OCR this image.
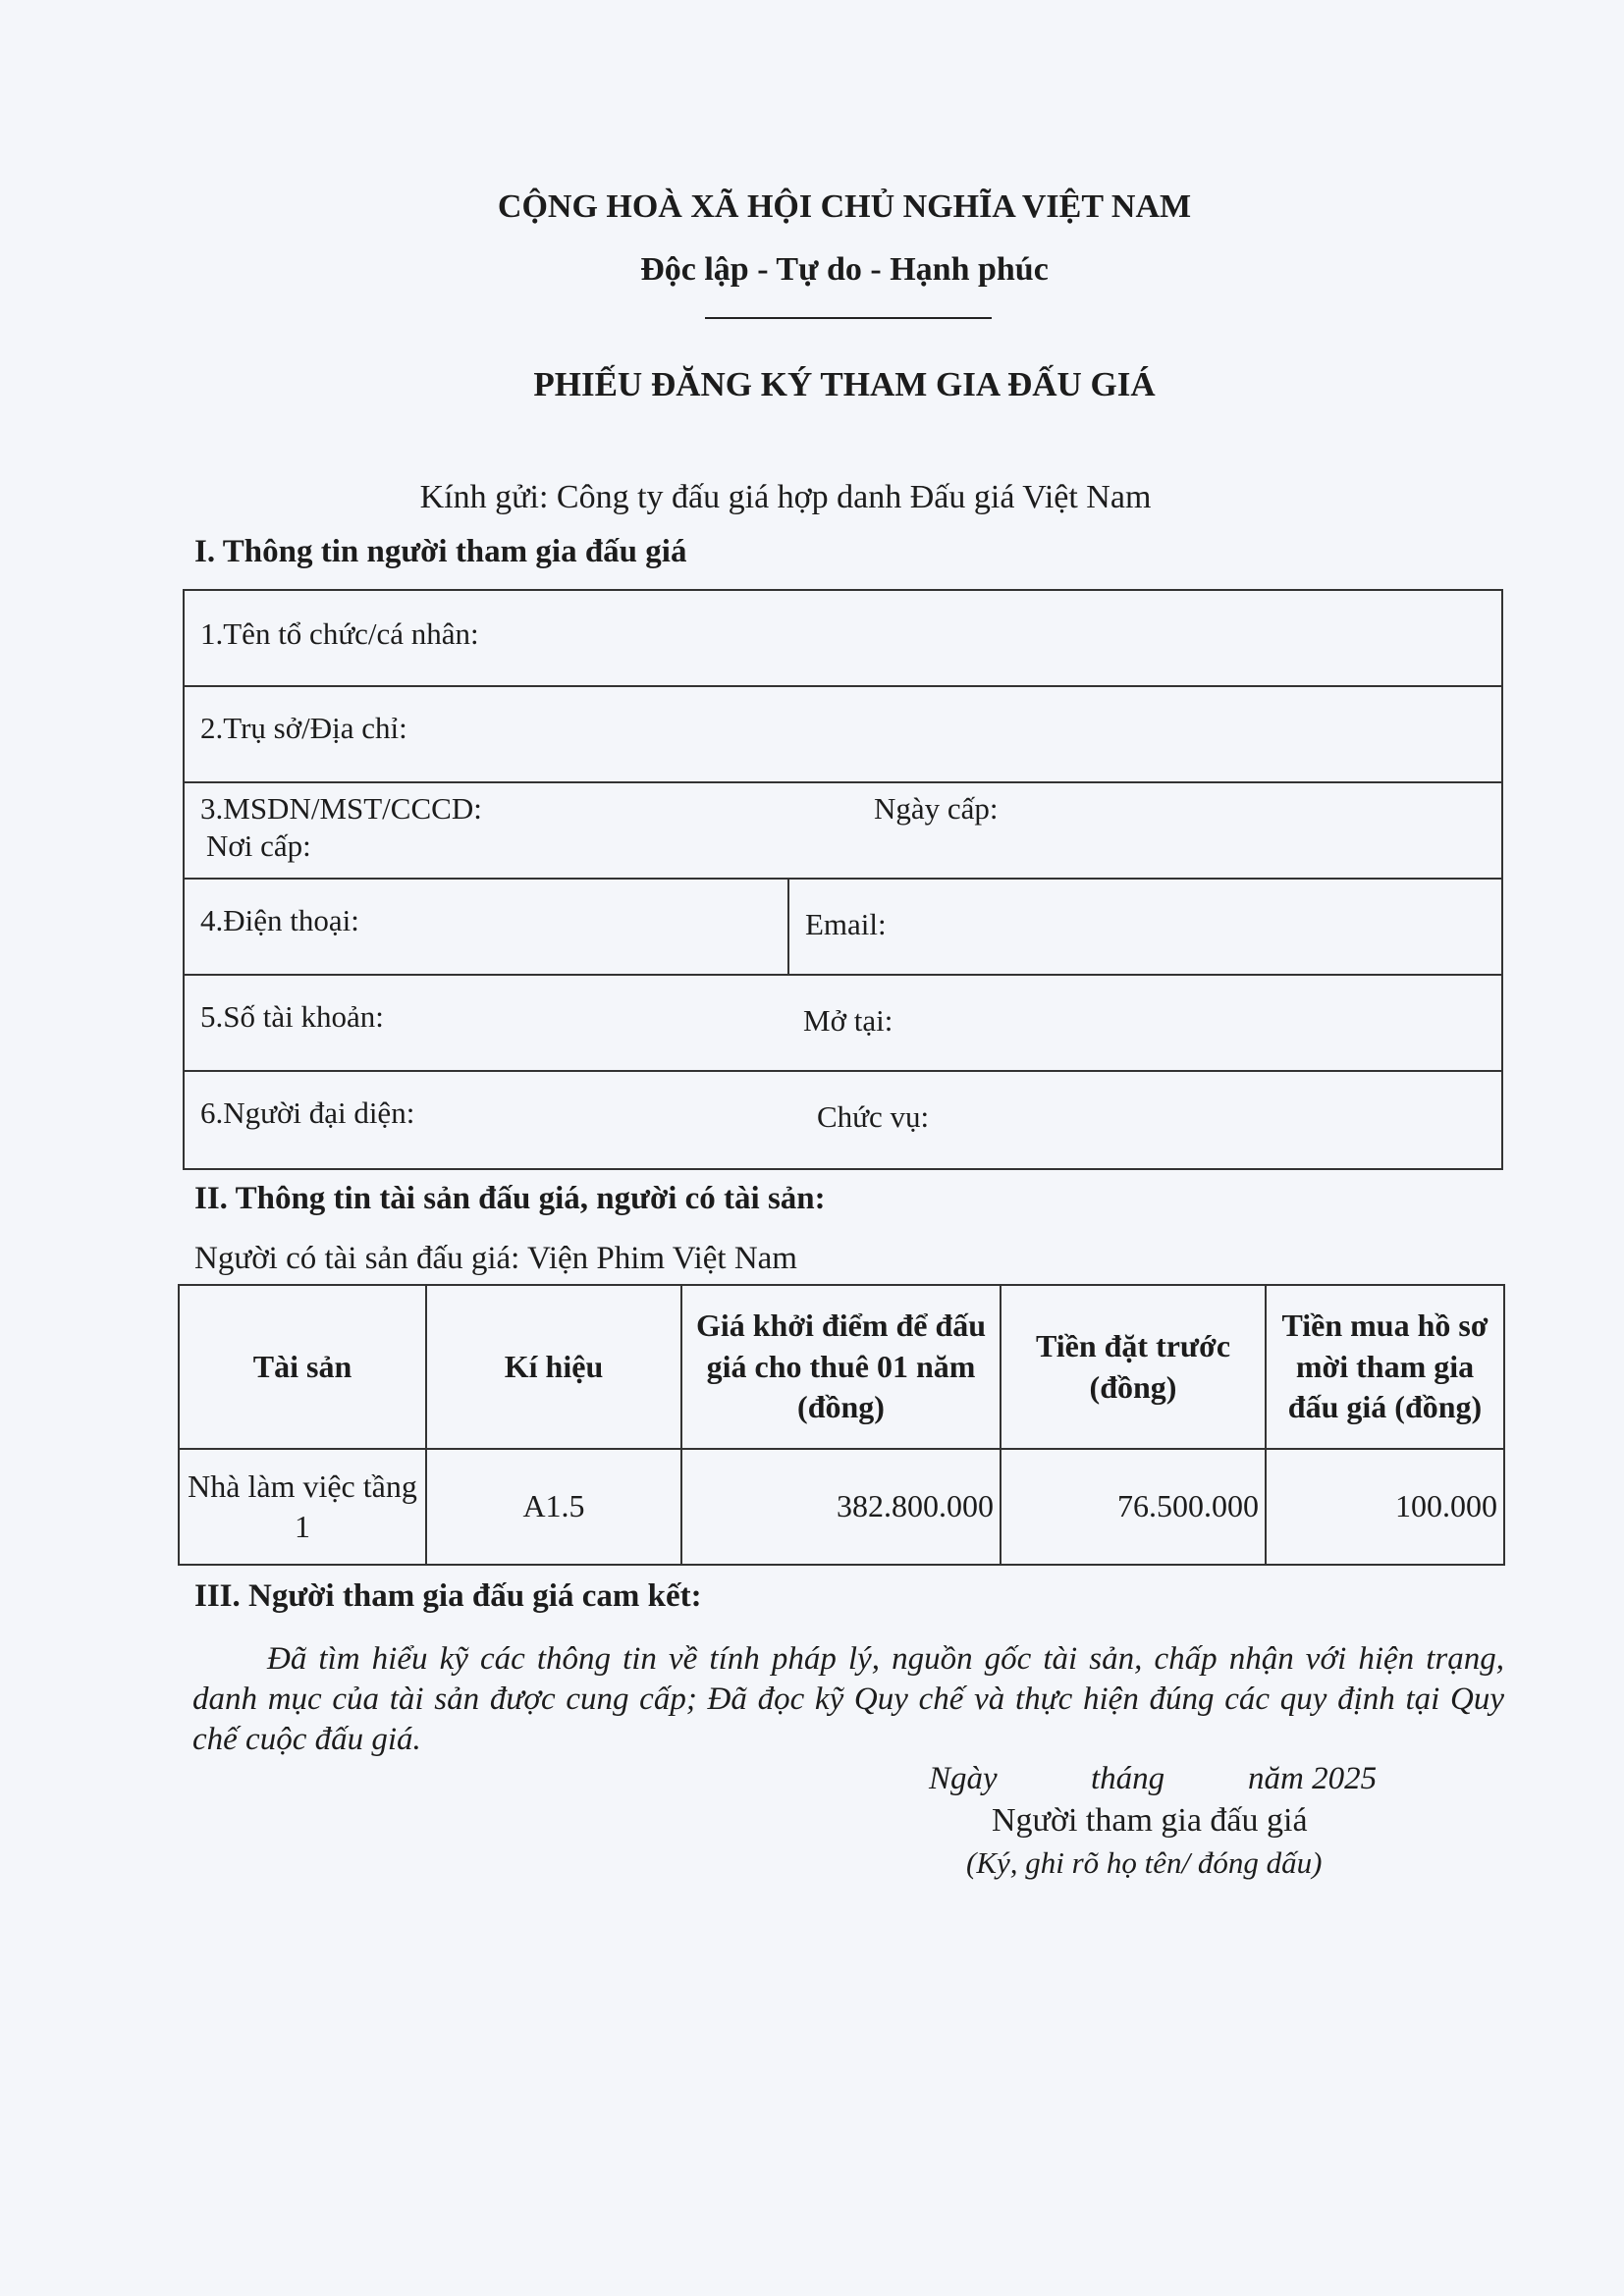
CỘNG HOÀ XÃ HỘI CHỦ NGHĨA VIỆT NAM
Độc lập - Tự do - Hạnh phúc
PHIẾU ĐĂNG KÝ THAM GIA ĐẤU GIÁ
Kính gửi: Công ty đấu giá hợp danh Đấu giá Việt Nam
I. Thông tin người tham gia đấu giá
1.Tên tổ chức/cá nhân:
2.Trụ sở/Địa chỉ:
3.MSDN/MST/CCCD:	Ngày cấp:
Nơi cấp:
4.Điện thoại:	Email:
5.Số tài khoản:	Mở tại:
6.Người đại diện:	Chức vụ:
II. Thông tin tài sản đấu giá, người có tài sản:
Người có tài sản đấu giá: Viện Phim Việt Nam
Tài sản	Kí hiệu	Giá khởi điểm để đấu giá cho thuê 01 năm (đồng)	Tiền đặt trước (đồng)	Tiền mua hồ sơ mời tham gia đấu giá (đồng)
Nhà làm việc tầng 1	A1.5	382.800.000	76.500.000	100.000
III. Người tham gia đấu giá cam kết:
Đã tìm hiểu kỹ các thông tin về tính pháp lý, nguồn gốc tài sản, chấp nhận với hiện trạng, danh mục của tài sản được cung cấp; Đã đọc kỹ Quy chế và thực hiện đúng các quy định tại Quy chế cuộc đấu giá.
Ngày	tháng	năm 2025
Người tham gia đấu giá
(Ký, ghi rõ họ tên/ đóng dấu)
